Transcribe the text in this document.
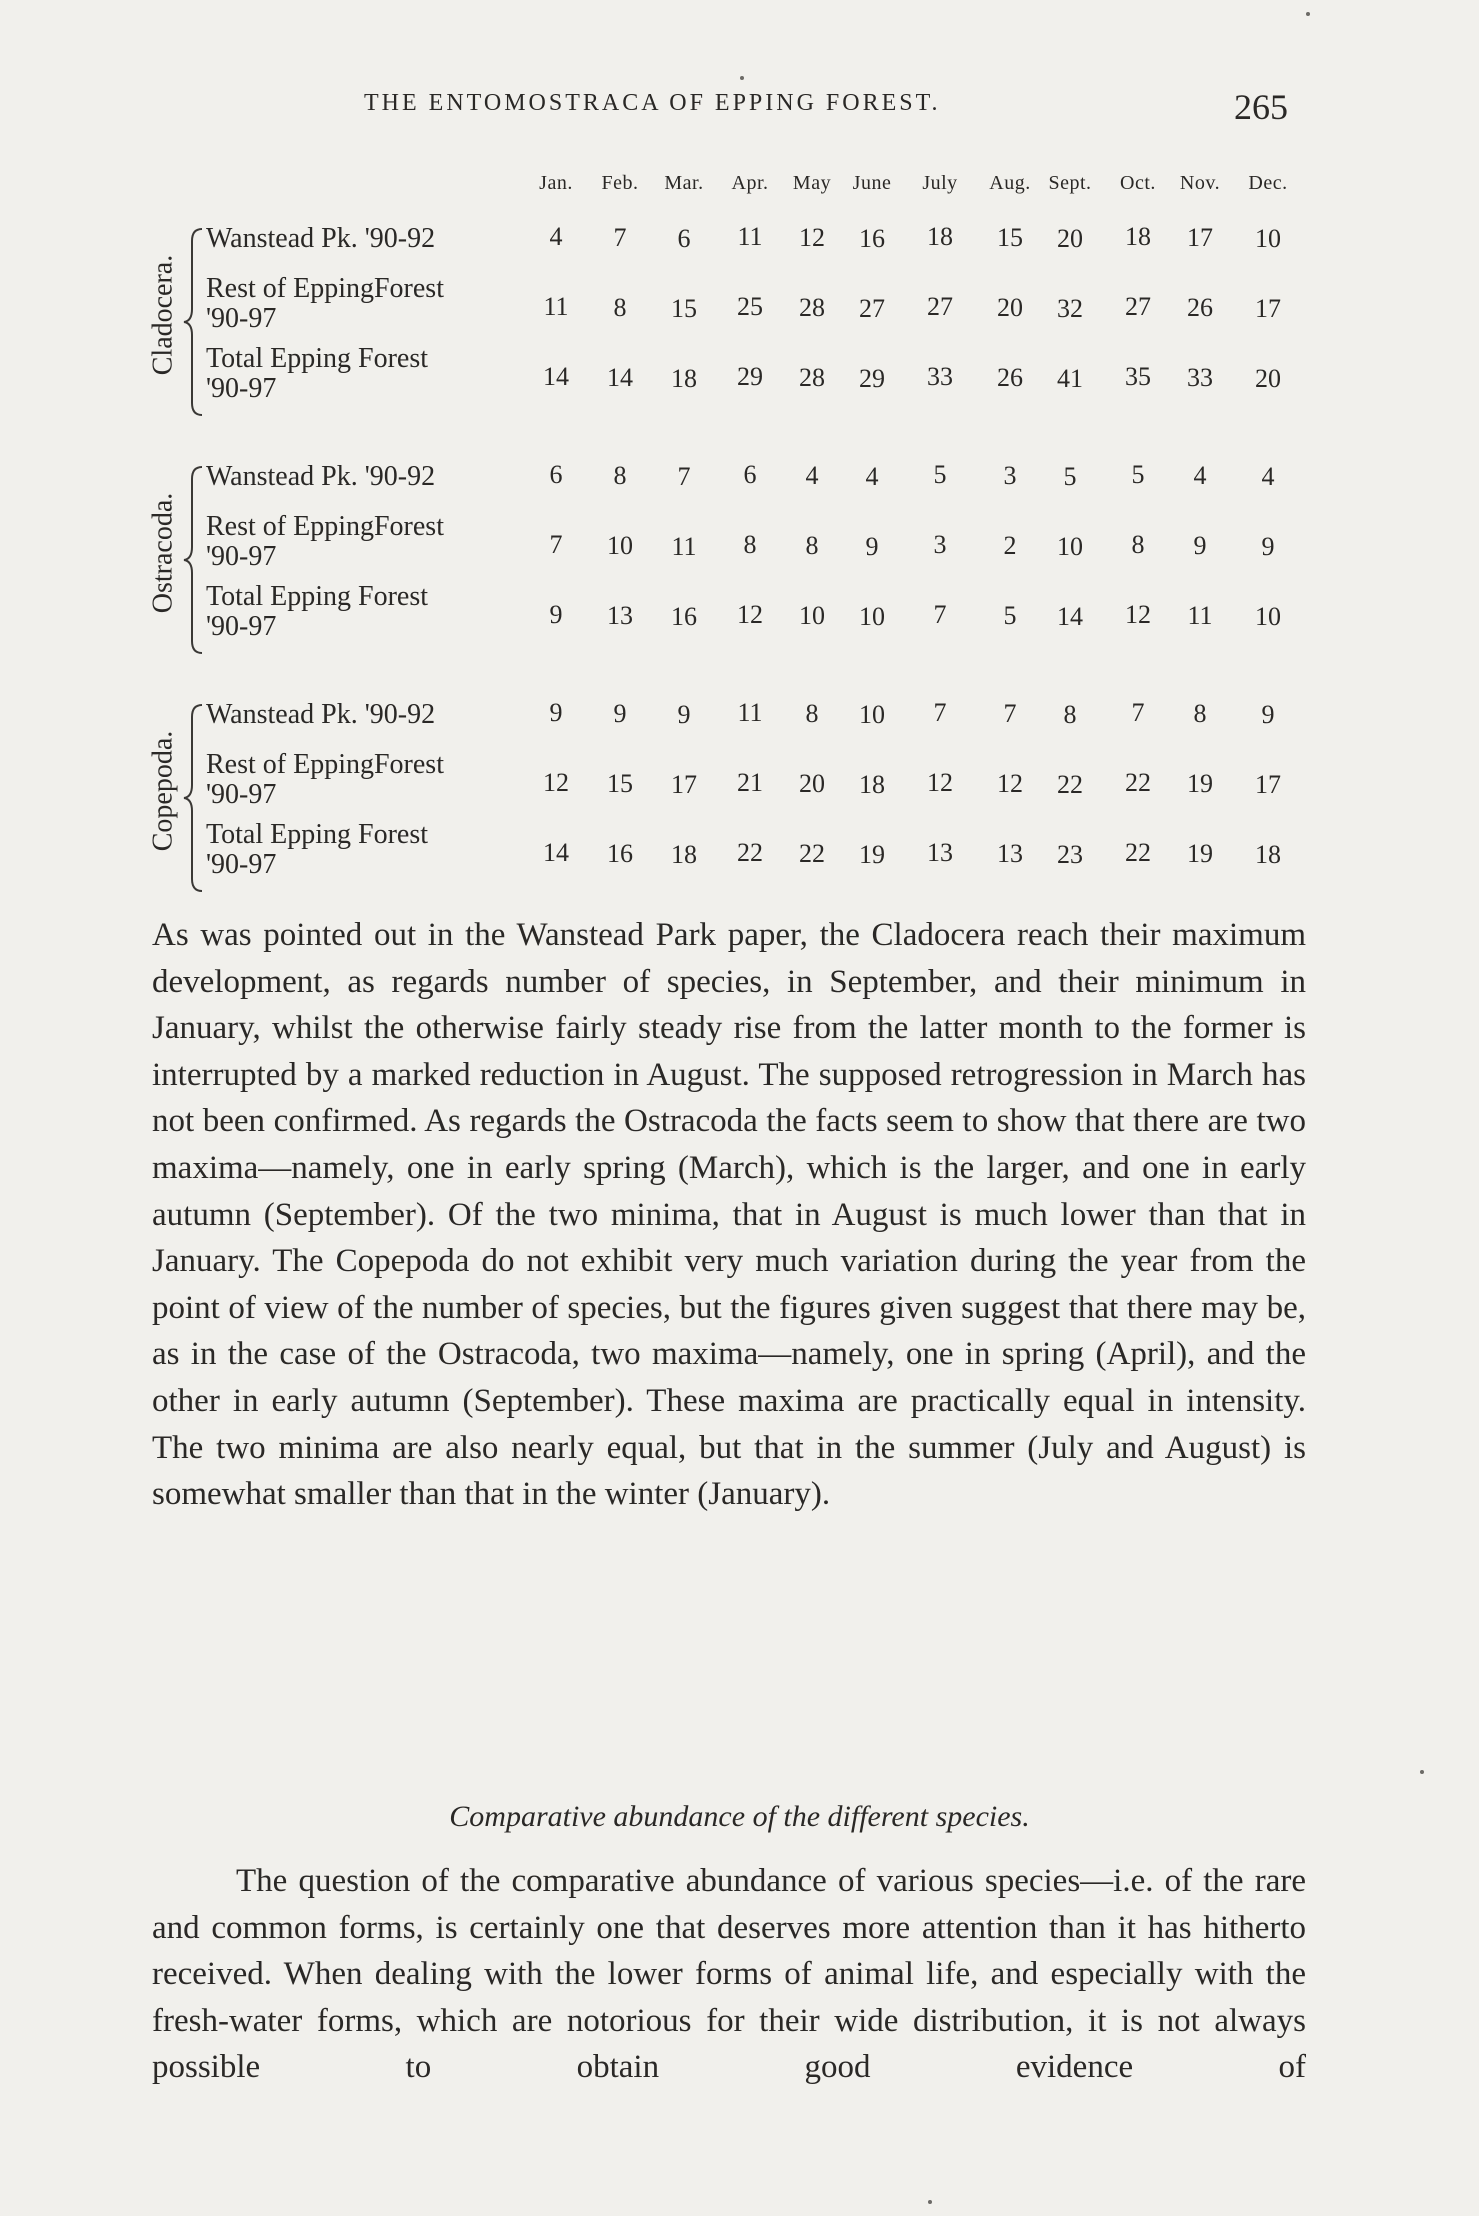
THE ENTOMOSTRACA OF EPPING FOREST.	265
Jan. Feb. Mar. Apr. May June July Aug. Sept. Oct. Nov. Dec.
Cladocera.
Wanstead Pk. '90-92	4 7 6 11 12 16 18 15 20 18 17 10
Rest of EppingForest
'90-97	11 8 15 25 28 27 27 20 32 27 26 17
Total Epping Forest
'90-97	14 14 18 29 28 29 33 26 41 35 33 20
Ostracoda.
Wanstead Pk. '90-92	6 8 7 6 4 4 5 3 5 5 4 4
Rest of EppingForest
'90-97	7 10 11 8 8 9 3 2 10 8 9 9
Total Epping Forest
'90-97	9 13 16 12 10 10 7 5 14 12 11 10
Copepoda.
Wanstead Pk. '90-92	9 9 9 11 8 10 7 7 8 7 8 9
Rest of EppingForest
'90-97	12 15 17 21 20 18 12 12 22 22 19 17
Total Epping Forest
'90-97	14 16 18 22 22 19 13 13 23 22 19 18
As was pointed out in the Wanstead Park paper, the Cladocera reach their maximum development, as regards number of species, in September, and their minimum in January, whilst the otherwise fairly steady rise from the latter month to the former is interrupted by a marked reduction in August. The supposed retrogression in March has not been confirmed. As regards the Ostracoda the facts seem to show that there are two maxima—namely, one in early spring (March), which is the larger, and one in early autumn (September). Of the two minima, that in August is much lower than that in January. The Copepoda do not exhibit very much variation during the year from the point of view of the number of species, but the figures given suggest that there may be, as in the case of the Ostracoda, two maxima—namely, one in spring (April), and the other in early autumn (September). These maxima are practically equal in intensity. The two minima are also nearly equal, but that in the summer (July and August) is somewhat smaller than that in the winter (January).
Comparative abundance of the different species.
The question of the comparative abundance of various species—i.e. of the rare and common forms, is certainly one that deserves more attention than it has hitherto received. When dealing with the lower forms of animal life, and especially with the fresh-water forms, which are notorious for their wide distribution, it is not always possible to obtain good evidence of
